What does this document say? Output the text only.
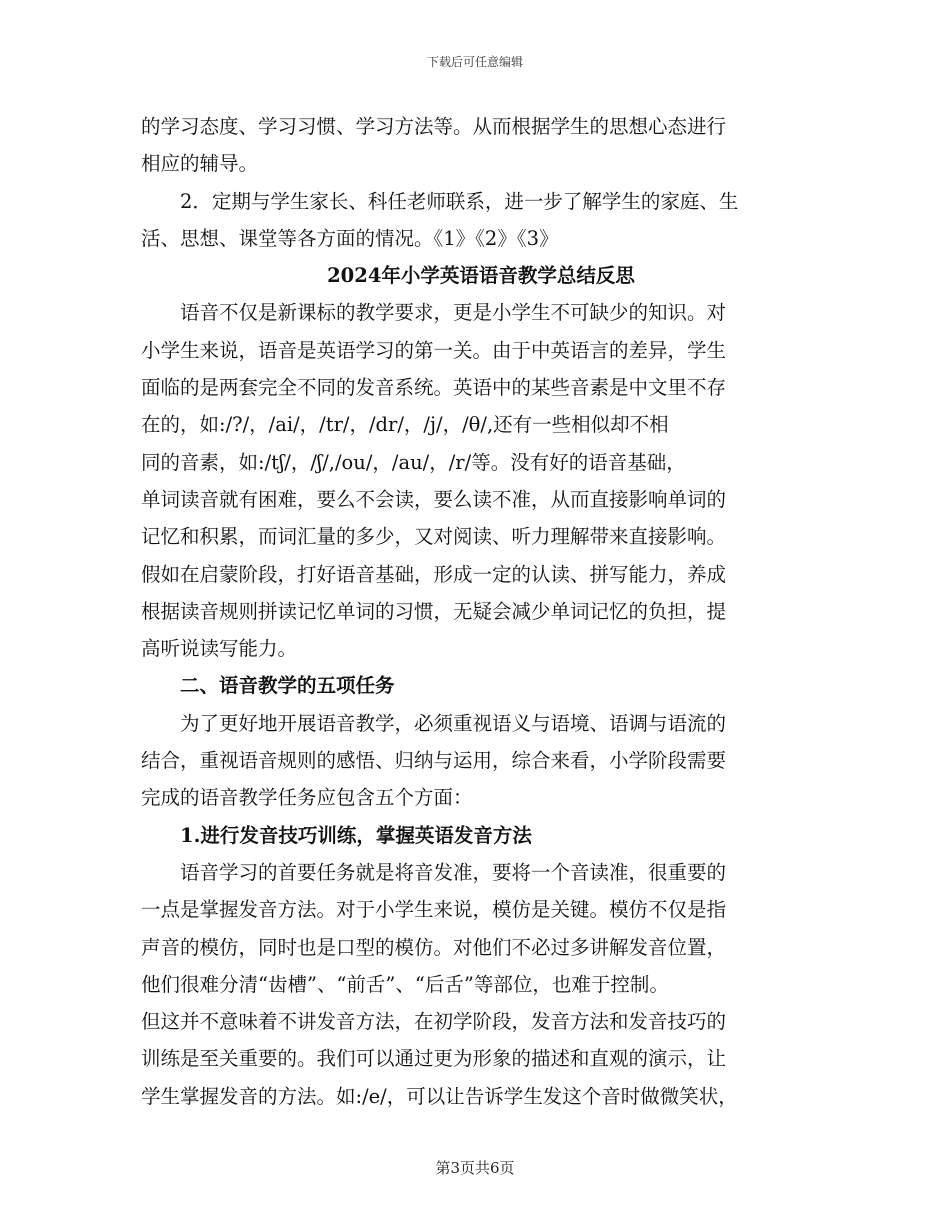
下载后可任意编辑

的学习态度、学习习惯、学习方法等。从而根据学生的思想心态进行

相应的辅导。

2．定期与学生家长、科任老师联系，进一步了解学生的家庭、生

活、思想、课堂等各方面的情况。《1》《2》《3》

2024年小学英语语音教学总结反思

语音不仅是新课标的教学要求，更是小学生不可缺少的知识。对

小学生来说，语音是英语学习的第一关。由于中英语言的差异，学生

面临的是两套完全不同的发音系统。英语中的某些音素是中文里不存

在的，如:/?/，/ai/，/tr/，/dr/，/j/，/θ/,还有一些相似却不相

同的音素，如:/tʃ/，/ʃ/,/ou/，/au/，/r/等。没有好的语音基础，

单词读音就有困难，要么不会读，要么读不准，从而直接影响单词的

记忆和积累，而词汇量的多少，又对阅读、听力理解带来直接影响。

假如在启蒙阶段，打好语音基础，形成一定的认读、拼写能力，养成

根据读音规则拼读记忆单词的习惯，无疑会减少单词记忆的负担，提

高听说读写能力。

二、语音教学的五项任务

为了更好地开展语音教学，必须重视语义与语境、语调与语流的

结合，重视语音规则的感悟、归纳与运用，综合来看，小学阶段需要

完成的语音教学任务应包含五个方面：

1.进行发音技巧训练，掌握英语发音方法

语音学习的首要任务就是将音发准，要将一个音读准，很重要的

一点是掌握发音方法。对于小学生来说，模仿是关键。模仿不仅是指

声音的模仿，同时也是口型的模仿。对他们不必过多讲解发音位置，

他们很难分清“齿槽”、“前舌”、“后舌”等部位，也难于控制。

但这并不意味着不讲发音方法，在初学阶段，发音方法和发音技巧的

训练是至关重要的。我们可以通过更为形象的描述和直观的演示，让

学生掌握发音的方法。如:/e/，可以让告诉学生发这个音时做微笑状，

第3页共6页
